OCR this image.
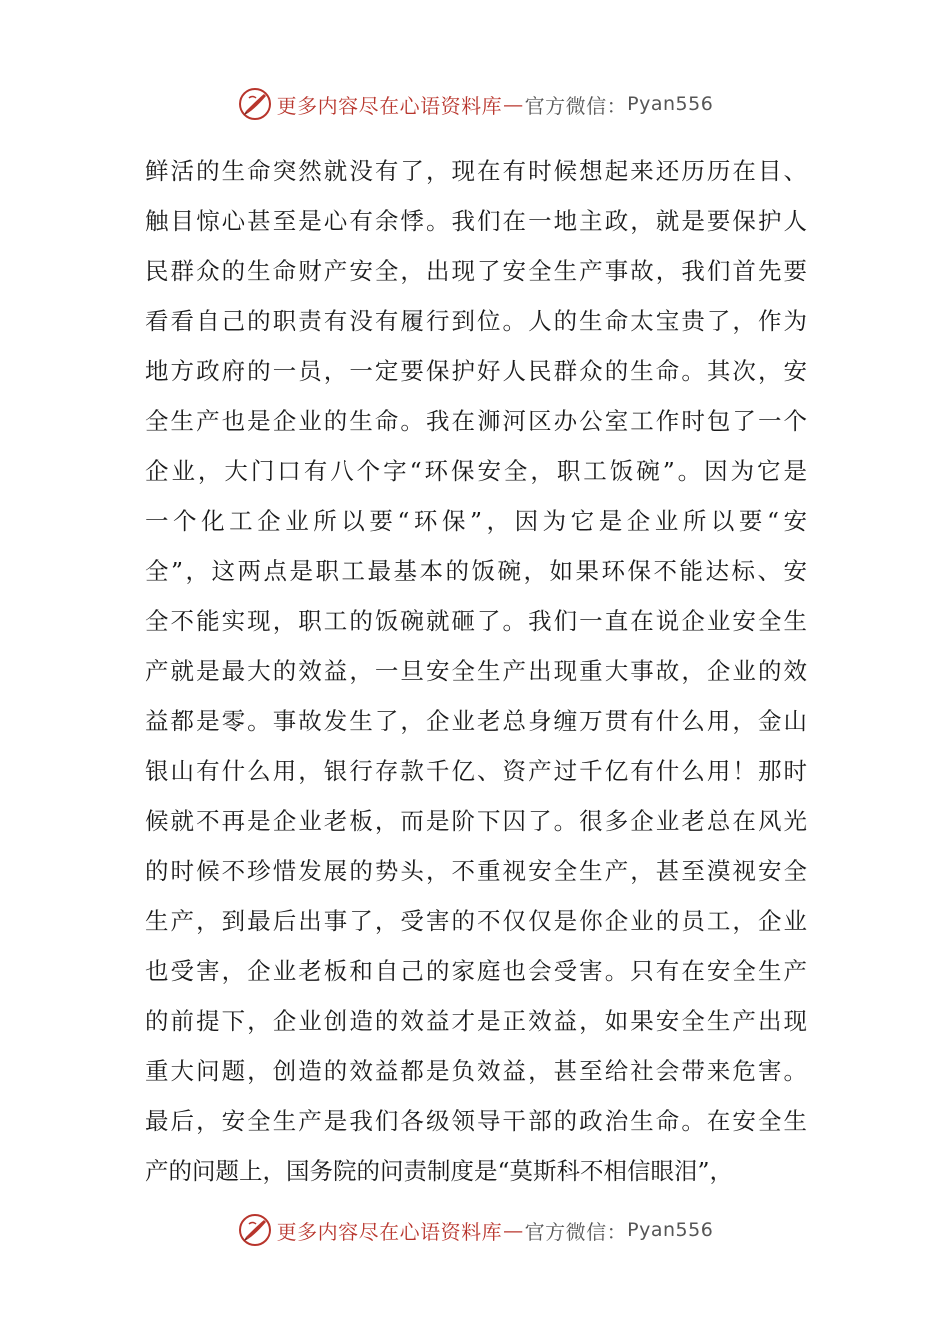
更多内容尽在心语资料库 — 官方微信： Pyan556
鲜活的生命突然就没有了，现在有时候想起来还历历在目、
触目惊心甚至是心有余悸。我们在一地主政，就是要保护人
民群众的生命财产安全，出现了安全生产事故，我们首先要
看看自己的职责有没有履行到位。人的生命太宝贵了，作为
地方政府的一员，一定要保护好人民群众的生命。其次，安
全生产也是企业的生命。我在浉河区办公室工作时包了一个
企业，大门口有八个字“环保安全，职工饭碗”。因为它是
一个化工企业所以要“环保”，因为它是企业所以要“安
全”，这两点是职工最基本的饭碗，如果环保不能达标、安
全不能实现，职工的饭碗就砸了。我们一直在说企业安全生
产就是最大的效益，一旦安全生产出现重大事故，企业的效
益都是零。事故发生了，企业老总身缠万贯有什么用，金山
银山有什么用，银行存款千亿、资产过千亿有什么用！那时
候就不再是企业老板，而是阶下囚了。很多企业老总在风光
的时候不珍惜发展的势头，不重视安全生产，甚至漠视安全
生产，到最后出事了，受害的不仅仅是你企业的员工，企业
也受害，企业老板和自己的家庭也会受害。只有在安全生产
的前提下，企业创造的效益才是正效益，如果安全生产出现
重大问题，创造的效益都是负效益，甚至给社会带来危害。
最后，安全生产是我们各级领导干部的政治生命。在安全生
产的问题上，国务院的问责制度是“莫斯科不相信眼泪”，
更多内容尽在心语资料库 — 官方微信： Pyan556
